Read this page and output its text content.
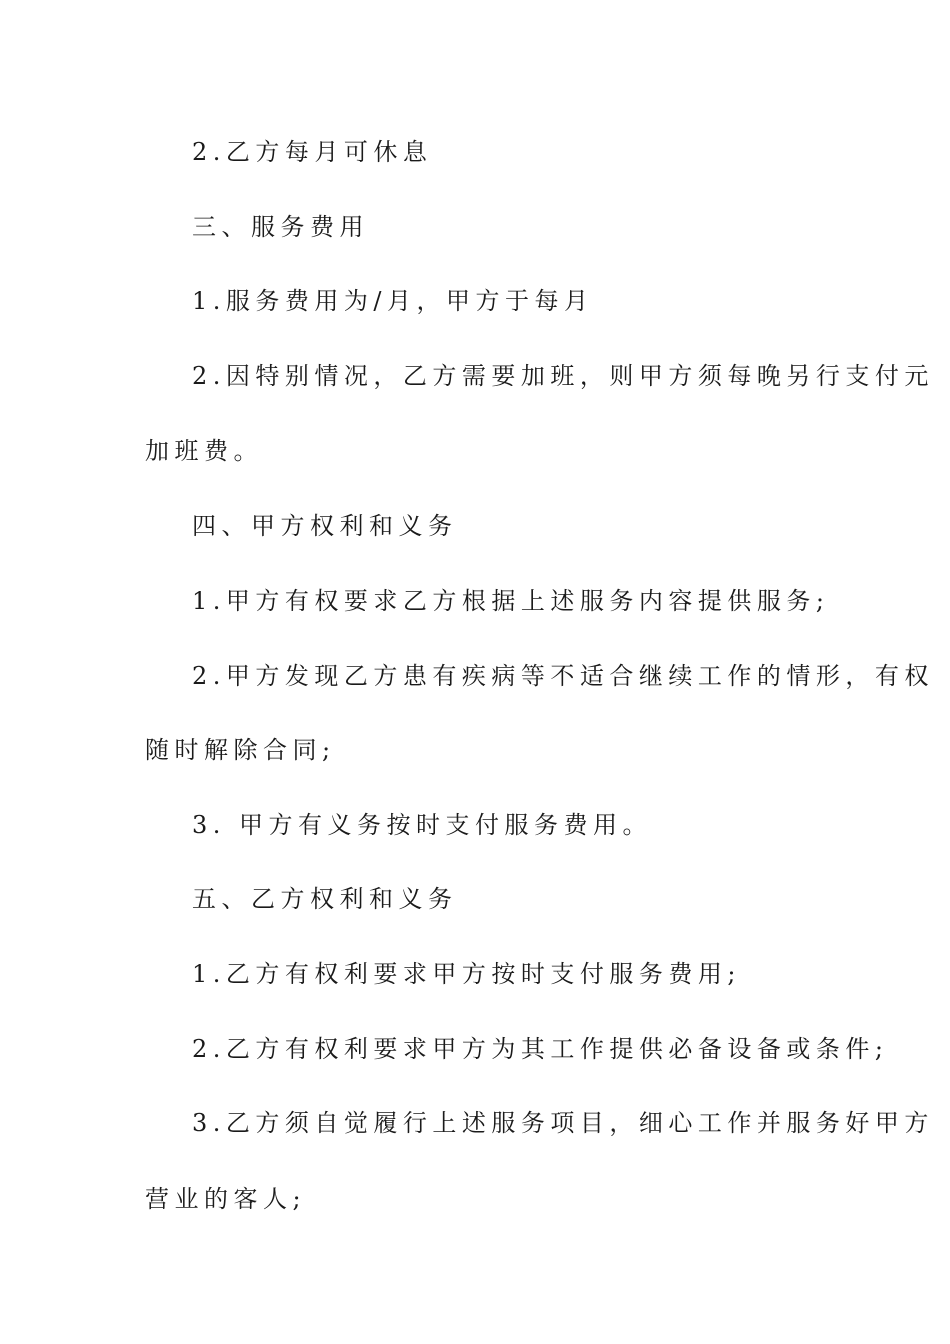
2.乙方每月可休息
三、服务费用
1.服务费用为/月，甲方于每月
2.因特别情况，乙方需要加班，则甲方须每晚另行支付元
加班费。
四、甲方权利和义务
1.甲方有权要求乙方根据上述服务内容提供服务;
2.甲方发现乙方患有疾病等不适合继续工作的情形，有权
随时解除合同;
3. 甲方有义务按时支付服务费用。
五、乙方权利和义务
1.乙方有权利要求甲方按时支付服务费用;
2.乙方有权利要求甲方为其工作提供必备设备或条件;
3.乙方须自觉履行上述服务项目，细心工作并服务好甲方
营业的客人;
